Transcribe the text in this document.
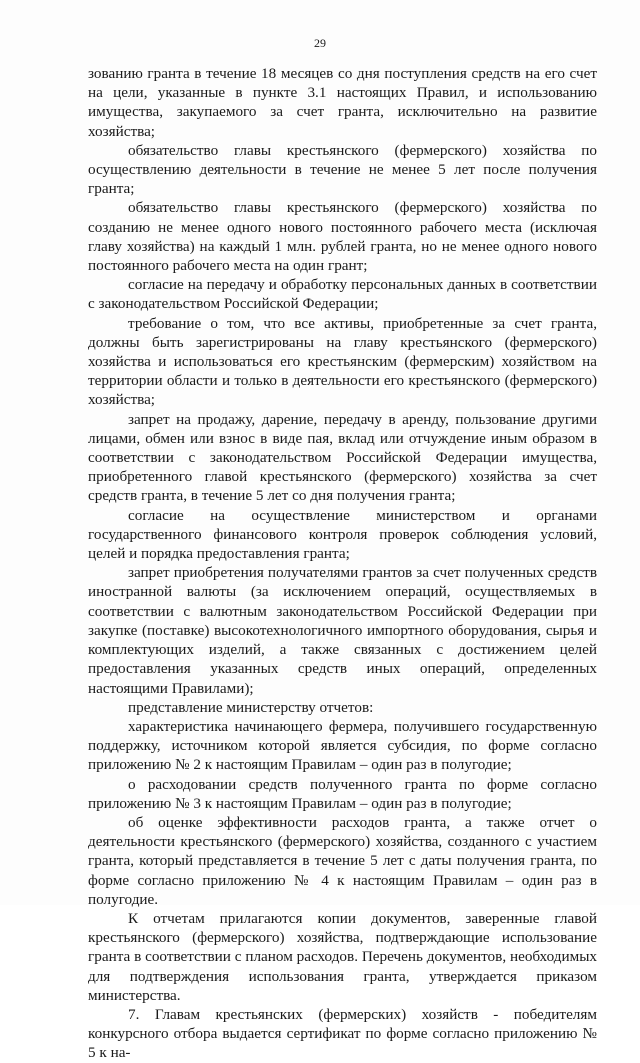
29

зованию гранта в течение 18 месяцев со дня поступления средств на его счет на цели, указанные в пункте 3.1 настоящих Правил, и использованию имущества, закупаемого за счет гранта, исключительно на развитие хозяйства;

обязательство главы крестьянского (фермерского) хозяйства по осуществлению деятельности в течение не менее 5 лет после получения гранта;

обязательство главы крестьянского (фермерского) хозяйства по созданию не менее одного нового постоянного рабочего места (исключая главу хозяйства) на каждый 1 млн. рублей гранта, но не менее одного нового постоянного рабочего места на один грант;

согласие на передачу и обработку персональных данных в соответствии с законодательством Российской Федерации;

требование о том, что все активы, приобретенные за счет гранта, должны быть зарегистрированы на главу крестьянского (фермерского) хозяйства и использоваться его крестьянским (фермерским) хозяйством на территории области и только в деятельности его крестьянского (фермерского) хозяйства;

запрет на продажу, дарение, передачу в аренду, пользование другими лицами, обмен или взнос в виде пая, вклад или отчуждение иным образом в соответствии с законодательством Российской Федерации имущества, приобретенного главой крестьянского (фермерского) хозяйства за счет средств гранта, в течение 5 лет со дня получения гранта;

согласие на осуществление министерством и органами государственного финансового контроля проверок соблюдения условий, целей и порядка предоставления гранта;

запрет приобретения получателями грантов за счет полученных средств иностранной валюты (за исключением операций, осуществляемых в соответствии с валютным законодательством Российской Федерации при закупке (поставке) высокотехнологичного импортного оборудования, сырья и комплектующих изделий, а также связанных с достижением целей предоставления указанных средств иных операций, определенных настоящими Правилами);

представление министерству отчетов:

характеристика начинающего фермера, получившего государственную поддержку, источником которой является субсидия, по форме согласно приложению № 2 к настоящим Правилам – один раз в полугодие;

о расходовании средств полученного гранта по форме согласно приложению № 3 к настоящим Правилам – один раз в полугодие;

об оценке эффективности расходов гранта, а также отчет о деятельности крестьянского (фермерского) хозяйства, созданного с участием гранта, который представляется в течение 5 лет с даты получения гранта, по форме согласно приложению № 4 к настоящим Правилам – один раз в полугодие.

К отчетам прилагаются копии документов, заверенные главой крестьянского (фермерского) хозяйства, подтверждающие использование гранта в соответствии с планом расходов. Перечень документов, необходимых для подтверждения использования гранта, утверждается приказом министерства.

7. Главам крестьянских (фермерских) хозяйств - победителям конкурсного отбора выдается сертификат по форме согласно приложению № 5 к на-
